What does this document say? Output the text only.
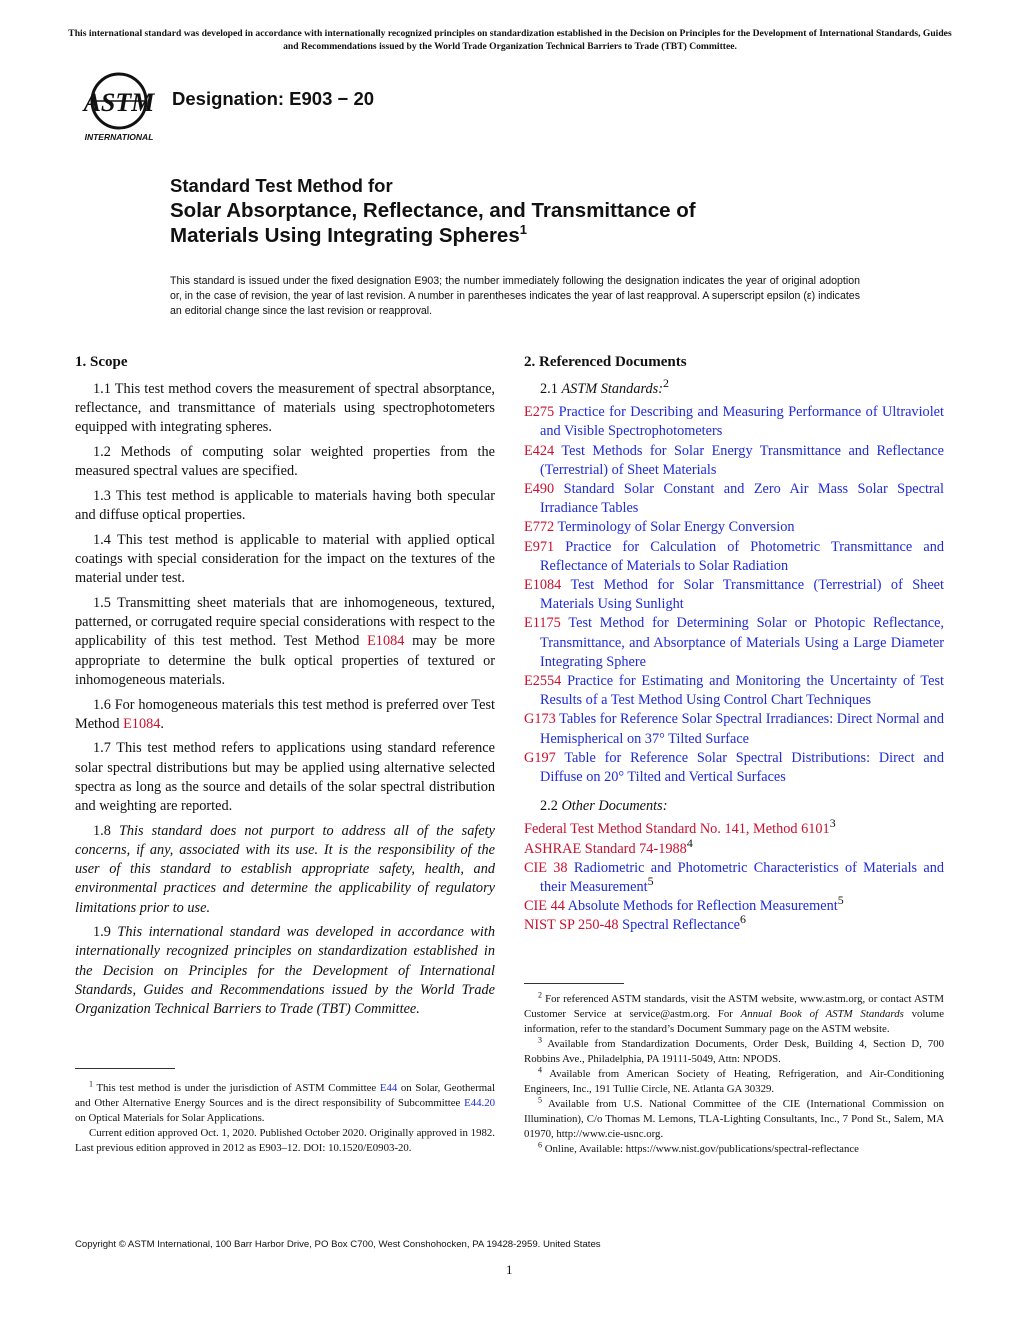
This international standard was developed in accordance with internationally recognized principles on standardization established in the Decision on Principles for the Development of International Standards, Guides and Recommendations issued by the World Trade Organization Technical Barriers to Trade (TBT) Committee.
ASTM
INTERNATIONAL
Designation: E903 − 20
Standard Test Method for
Solar Absorptance, Reflectance, and Transmittance of
Materials Using Integrating Spheres$^1$
This standard is issued under the fixed designation E903; the number immediately following the designation indicates the year of original adoption or, in the case of revision, the year of last revision. A number in parentheses indicates the year of last reapproval. A superscript epsilon (ε) indicates an editorial change since the last revision or reapproval.
1. Scope

1.1 This test method covers the measurement of spectral absorptance, reflectance, and transmittance of materials using spectrophotometers equipped with integrating spheres.

1.2 Methods of computing solar weighted properties from the measured spectral values are specified.

1.3 This test method is applicable to materials having both specular and diffuse optical properties.

1.4 This test method is applicable to material with applied optical coatings with special consideration for the impact on the textures of the material under test.

1.5 Transmitting sheet materials that are inhomogeneous, textured, patterned, or corrugated require special considerations with respect to the applicability of this test method. Test Method E1084 may be more appropriate to determine the bulk optical properties of textured or inhomogeneous materials.

1.6 For homogeneous materials this test method is preferred over Test Method E1084.

1.7 This test method refers to applications using standard reference solar spectral distributions but may be applied using alternative selected spectra as long as the source and details of the solar spectral distribution and weighting are reported.

1.8 This standard does not purport to address all of the safety concerns, if any, associated with its use. It is the responsibility of the user of this standard to establish appropriate safety, health, and environmental practices and determine the applicability of regulatory limitations prior to use.

1.9 This international standard was developed in accordance with internationally recognized principles on standardization established in the Decision on Principles for the Development of International Standards, Guides and Recommendations issued by the World Trade Organization Technical Barriers to Trade (TBT) Committee.

2. Referenced Documents
2.1 ASTM Standards:$^2$

E275 Practice for Describing and Measuring Performance of Ultraviolet and Visible Spectrophotometers

E424 Test Methods for Solar Energy Transmittance and Reflectance (Terrestrial) of Sheet Materials

E490 Standard Solar Constant and Zero Air Mass Solar Spectral Irradiance Tables

E772 Terminology of Solar Energy Conversion

E971 Practice for Calculation of Photometric Transmittance and Reflectance of Materials to Solar Radiation

E1084 Test Method for Solar Transmittance (Terrestrial) of Sheet Materials Using Sunlight

E1175 Test Method for Determining Solar or Photopic Reflectance, Transmittance, and Absorptance of Materials Using a Large Diameter Integrating Sphere

E2554 Practice for Estimating and Monitoring the Uncertainty of Test Results of a Test Method Using Control Chart Techniques

G173 Tables for Reference Solar Spectral Irradiances: Direct Normal and Hemispherical on 37° Tilted Surface

G197 Table for Reference Solar Spectral Distributions: Direct and Diffuse on 20° Tilted and Vertical Surfaces

2.2 Other Documents:

Federal Test Method Standard No. 141, Method 6101$^3$

ASHRAE Standard 74-1988$^4$

CIE 38 Radiometric and Photometric Characteristics of Materials and their Measurement$^5$

CIE 44 Absolute Methods for Reflection Measurement$^5$

NIST SP 250-48 Spectral Reflectance$^6$

$^1$ This test method is under the jurisdiction of ASTM Committee E44 on Solar, Geothermal and Other Alternative Energy Sources and is the direct responsibility of Subcommittee E44.20 on Optical Materials for Solar Applications.

Current edition approved Oct. 1, 2020. Published October 2020. Originally approved in 1982. Last previous edition approved in 2012 as E903–12. DOI: 10.1520/E0903-20.

$^2$ For referenced ASTM standards, visit the ASTM website, www.astm.org, or contact ASTM Customer Service at service@astm.org. For Annual Book of ASTM Standards volume information, refer to the standard’s Document Summary page on the ASTM website.

$^3$ Available from Standardization Documents, Order Desk, Building 4, Section D, 700 Robbins Ave., Philadelphia, PA 19111-5049, Attn: NPODS.

$^4$ Available from American Society of Heating, Refrigeration, and Air-Conditioning Engineers, Inc., 191 Tullie Circle, NE. Atlanta GA 30329.

$^5$ Available from U.S. National Committee of the CIE (International Commission on Illumination), C/o Thomas M. Lemons, TLA-Lighting Consultants, Inc., 7 Pond St., Salem, MA 01970, http://www.cie-usnc.org.

$^6$ Online, Available: https://www.nist.gov/publications/spectral-reflectance

Copyright © ASTM International, 100 Barr Harbor Drive, PO Box C700, West Conshohocken, PA 19428-2959. United States
1
